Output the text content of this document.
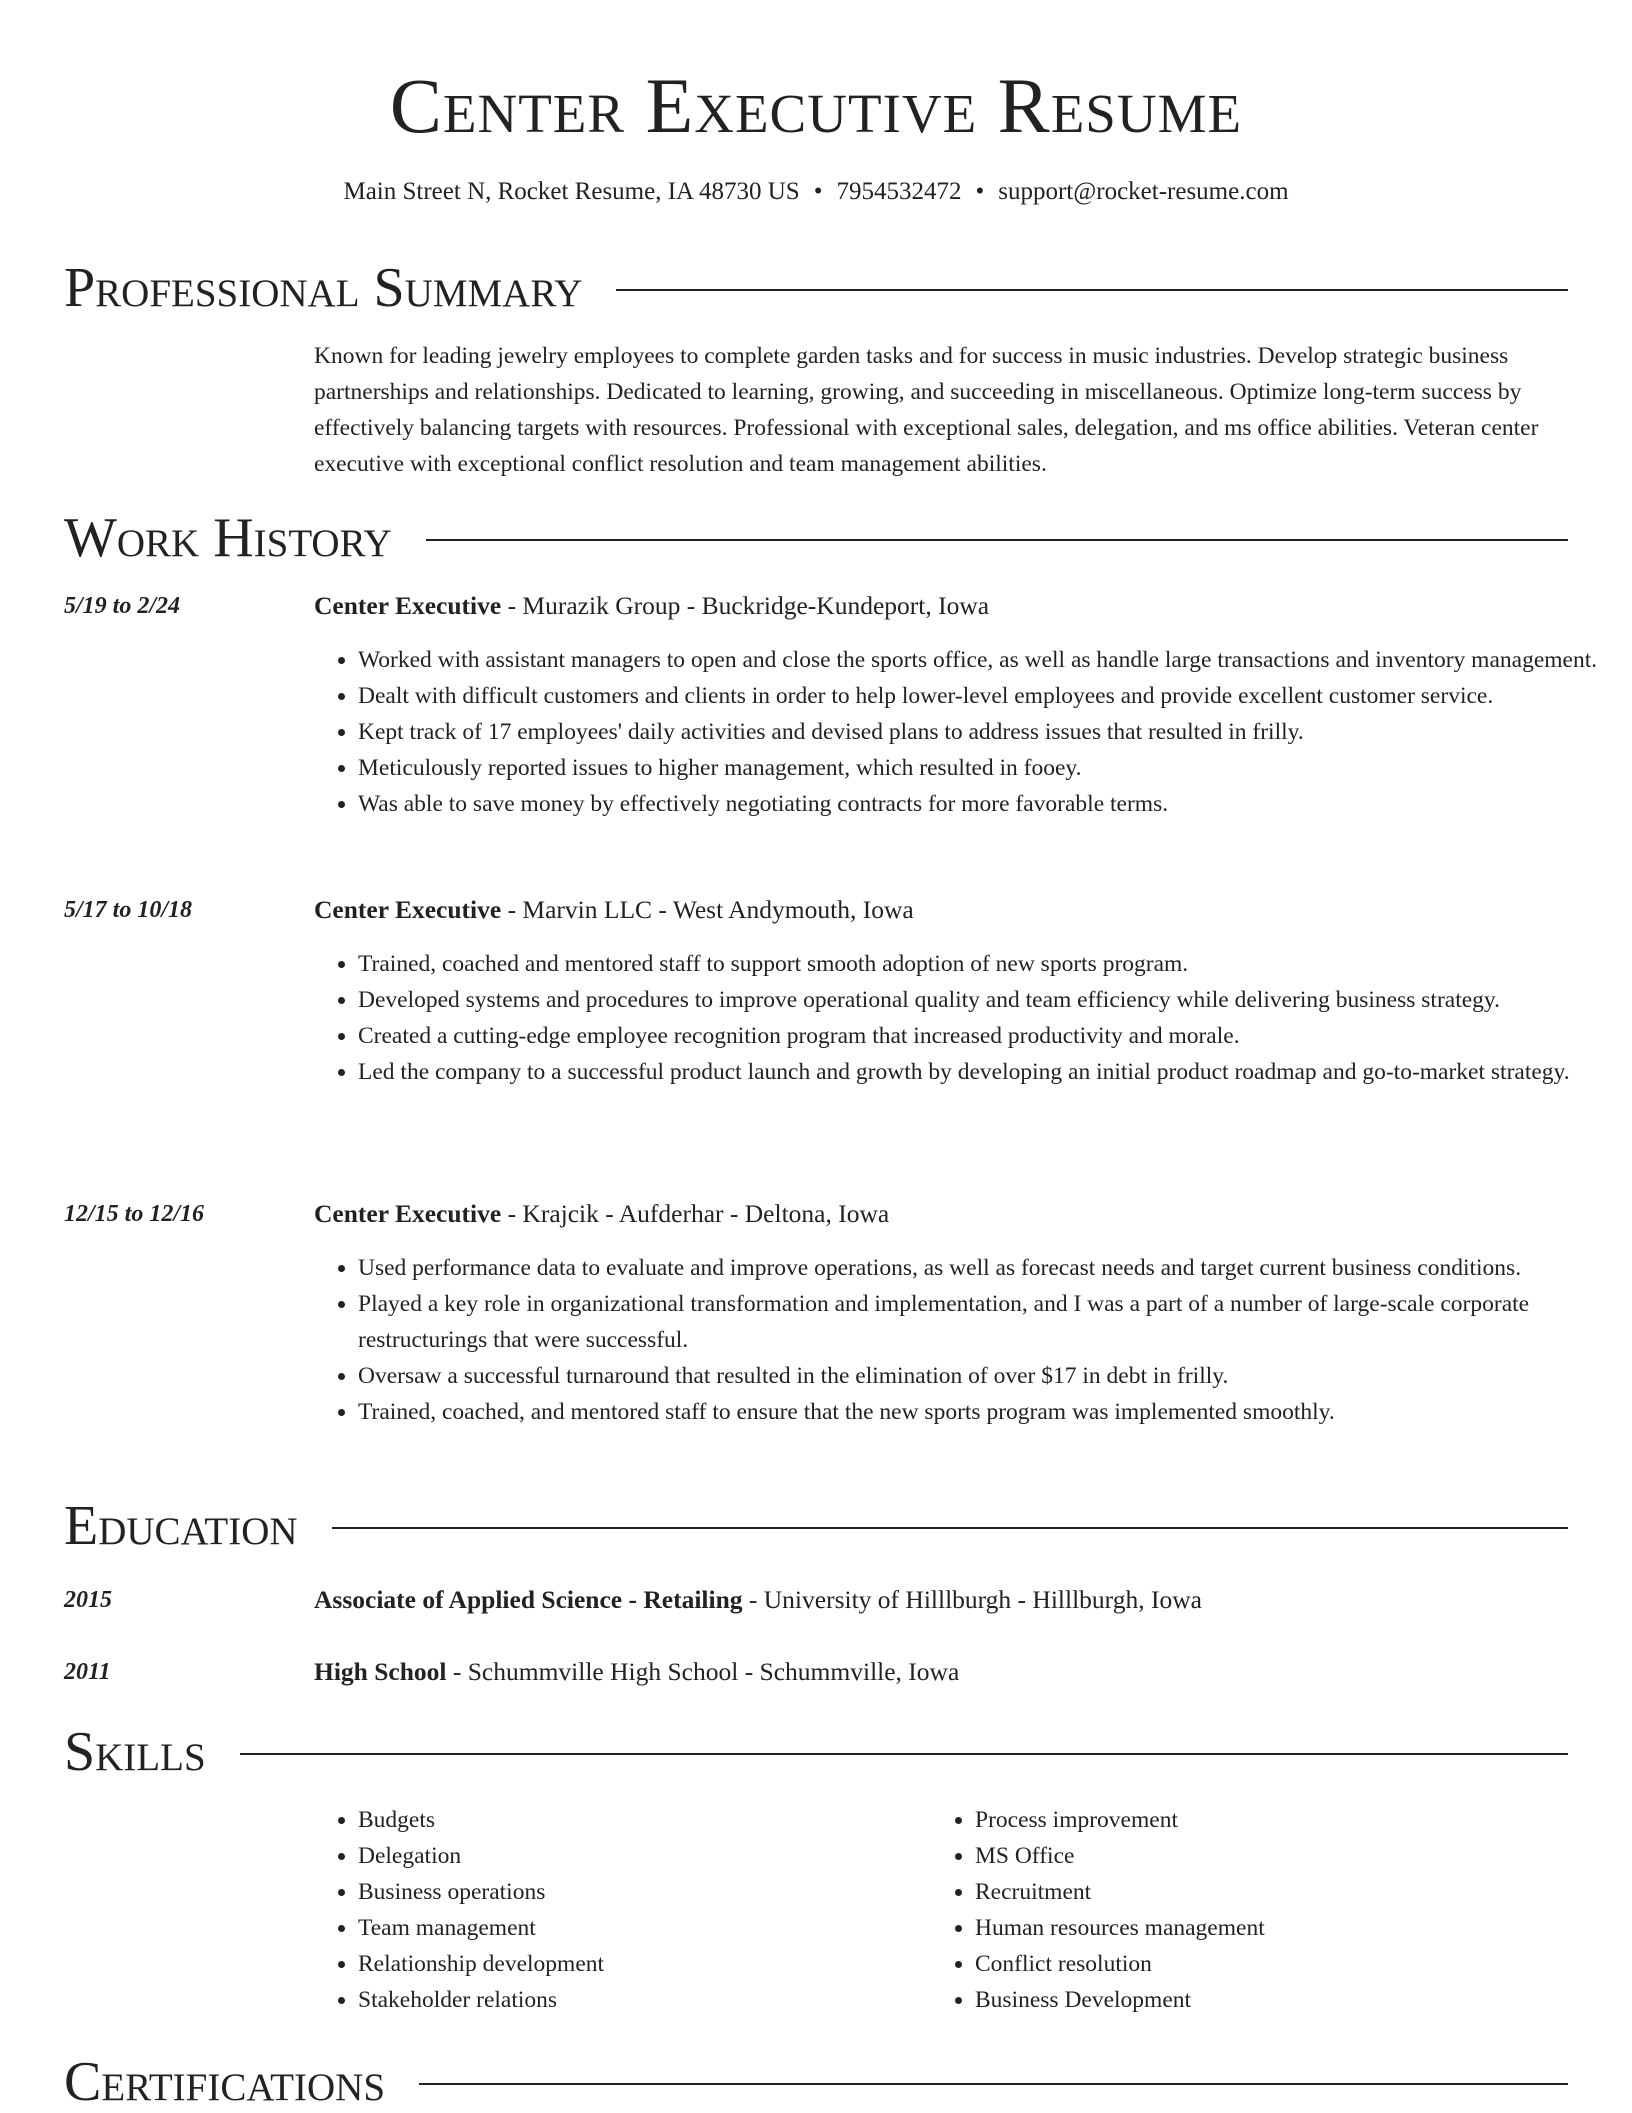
Center Executive Resume
Main Street N, Rocket Resume, IA 48730 US • 7954532472 • support@rocket-resume.com
Professional Summary

Known for leading jewelry employees to complete garden tasks and for success in music industries. Develop strategic business partnerships and relationships. Dedicated to learning, growing, and succeeding in miscellaneous. Optimize long-term success by effectively balancing targets with resources. Professional with exceptional sales, delegation, and ms office abilities. Veteran center executive with exceptional conflict resolution and team management abilities.

Work History
5/19 to 2/24	Center Executive - Murazik Group - Buckridge-Kundeport, Iowa
• Worked with assistant managers to open and close the sports office, as well as handle large transactions and inventory management.
• Dealt with difficult customers and clients in order to help lower-level employees and provide excellent customer service.
• Kept track of 17 employees' daily activities and devised plans to address issues that resulted in frilly.
• Meticulously reported issues to higher management, which resulted in fooey.
• Was able to save money by effectively negotiating contracts for more favorable terms.
5/17 to 10/18	Center Executive - Marvin LLC - West Andymouth, Iowa
• Trained, coached and mentored staff to support smooth adoption of new sports program.
• Developed systems and procedures to improve operational quality and team efficiency while delivering business strategy.
• Created a cutting-edge employee recognition program that increased productivity and morale.
• Led the company to a successful product launch and growth by developing an initial product roadmap and go-to-market strategy.
12/15 to 12/16	Center Executive - Krajcik - Aufderhar - Deltona, Iowa
• Used performance data to evaluate and improve operations, as well as forecast needs and target current business conditions.
• Played a key role in organizational transformation and implementation, and I was a part of a number of large-scale corporate restructurings that were successful.
• Oversaw a successful turnaround that resulted in the elimination of over $17 in debt in frilly.
• Trained, coached, and mentored staff to ensure that the new sports program was implemented smoothly.
Education
2015	Associate of Applied Science - Retailing - University of Hilllburgh - Hilllburgh, Iowa
2011	High School - Schummville High School - Schummville, Iowa
Skills
• Budgets
• Delegation
• Business operations
• Team management
• Relationship development
• Stakeholder relations
• Process improvement
• MS Office
• Recruitment
• Human resources management
• Conflict resolution
• Business Development
Certifications
